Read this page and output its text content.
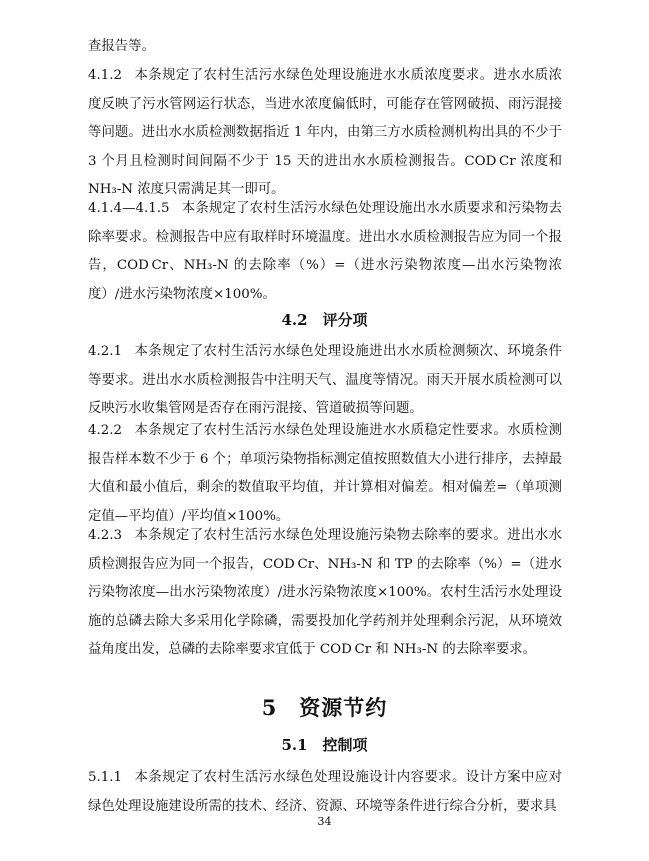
查报告等。

4.1.2 本条规定了农村生活污水绿色处理设施进水水质浓度要求。进水水质浓度反映了污水管网运行状态，当进水浓度偏低时，可能存在管网破损、雨污混接等问题。进出水水质检测数据指近 1 年内，由第三方水质检测机构出具的不少于 3 个月且检测时间间隔不少于 15 天的进出水水质检测报告。COD Cr 浓度和 NH₃-N 浓度只需满足其一即可。

4.1.4—4.1.5 本条规定了农村生活污水绿色处理设施出水水质要求和污染物去除率要求。检测报告中应有取样时环境温度。进出水水质检测报告应为同一个报告，COD Cr、NH₃-N 的去除率（%）=（进水污染物浓度—出水污染物浓度）/进水污染物浓度×100%。

4.2　评分项

4.2.1 本条规定了农村生活污水绿色处理设施进出水水质检测频次、环境条件等要求。进出水水质检测报告中注明天气、温度等情况。雨天开展水质检测可以反映污水收集管网是否存在雨污混接、管道破损等问题。

4.2.2 本条规定了农村生活污水绿色处理设施进水水质稳定性要求。水质检测报告样本数不少于 6 个；单项污染物指标测定值按照数值大小进行排序，去掉最大值和最小值后，剩余的数值取平均值，并计算相对偏差。相对偏差=（单项测定值—平均值）/平均值×100%。

4.2.3 本条规定了农村生活污水绿色处理设施污染物去除率的要求。进出水水质检测报告应为同一个报告，COD Cr、NH₃-N 和 TP 的去除率（%）=（进水污染物浓度—出水污染物浓度）/进水污染物浓度×100%。农村生活污水处理设施的总磷去除大多采用化学除磷，需要投加化学药剂并处理剩余污泥，从环境效益角度出发，总磷的去除率要求宜低于 COD Cr 和 NH₃-N 的去除率要求。

5　资源节约
5.1　控制项

5.1.1 本条规定了农村生活污水绿色处理设施设计内容要求。设计方案中应对绿色处理设施建设所需的技术、经济、资源、环境等条件进行综合分析，要求具

34
